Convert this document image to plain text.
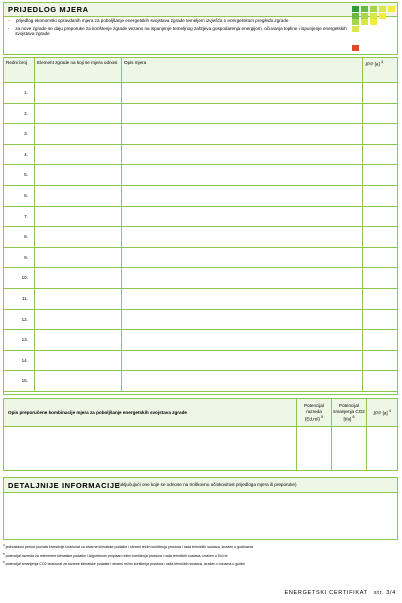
PRIJEDLOG MJERA
-	prijedlog ekonomski opravdanih mjera za poboljšanje energetskih svojstava zgrade temeljem izvješća o energetskom pregledu zgrade
-	za nove zgrade se daju preporuke za korištenje zgrade vezano na ispunjenje temeljnog zahtjeva gospodarenja energijom, očuvanja topline i ispunjenje energetskih svojstava zgrade
Redni broj	Element zgrade na koji se mjera odnosi	Opis mjera	JPP [a] $^4$
1.			
2.			
3.			
4.			
5.			
6.			
7.			
8.			
9.			
10.			
11.			
12.			
13.			
14.			
15.			
Opis preporučene kombinacije mjera za poboljšanje energetskih svojstava zgrade	Potencijal razreda
(Ed,rel) $^5$	Potencijal smanjenja CO2 [t/a] $^6$	JPP [a] $^4$

DETALJNIJE INFORMACIJE
(uključujući one koje se odnose na troškovnu učinkovitost prijedloga mjera ili preporuke)
$^4$ jednostavni period povrata investicije izračunat za stvarne klimatske podatke i stvarni režim korištenja prostora i rada tehničkih sustava, izražen u godinama
$^5$ potencijal razreda za referentne klimatske podatke i Algoritmom propisan režim korištenja prostora i rada tehničkih sustava, izražen u Ed,rel
$^6$ potencijal smanjenja CO2 izračunat za stvarne klimatske podatke i stvarni režim korištenja prostora i rada tehničkih sustava, izražen u tonama u godini
ENERGETSKI CERTIFIKAT str. 3/4
